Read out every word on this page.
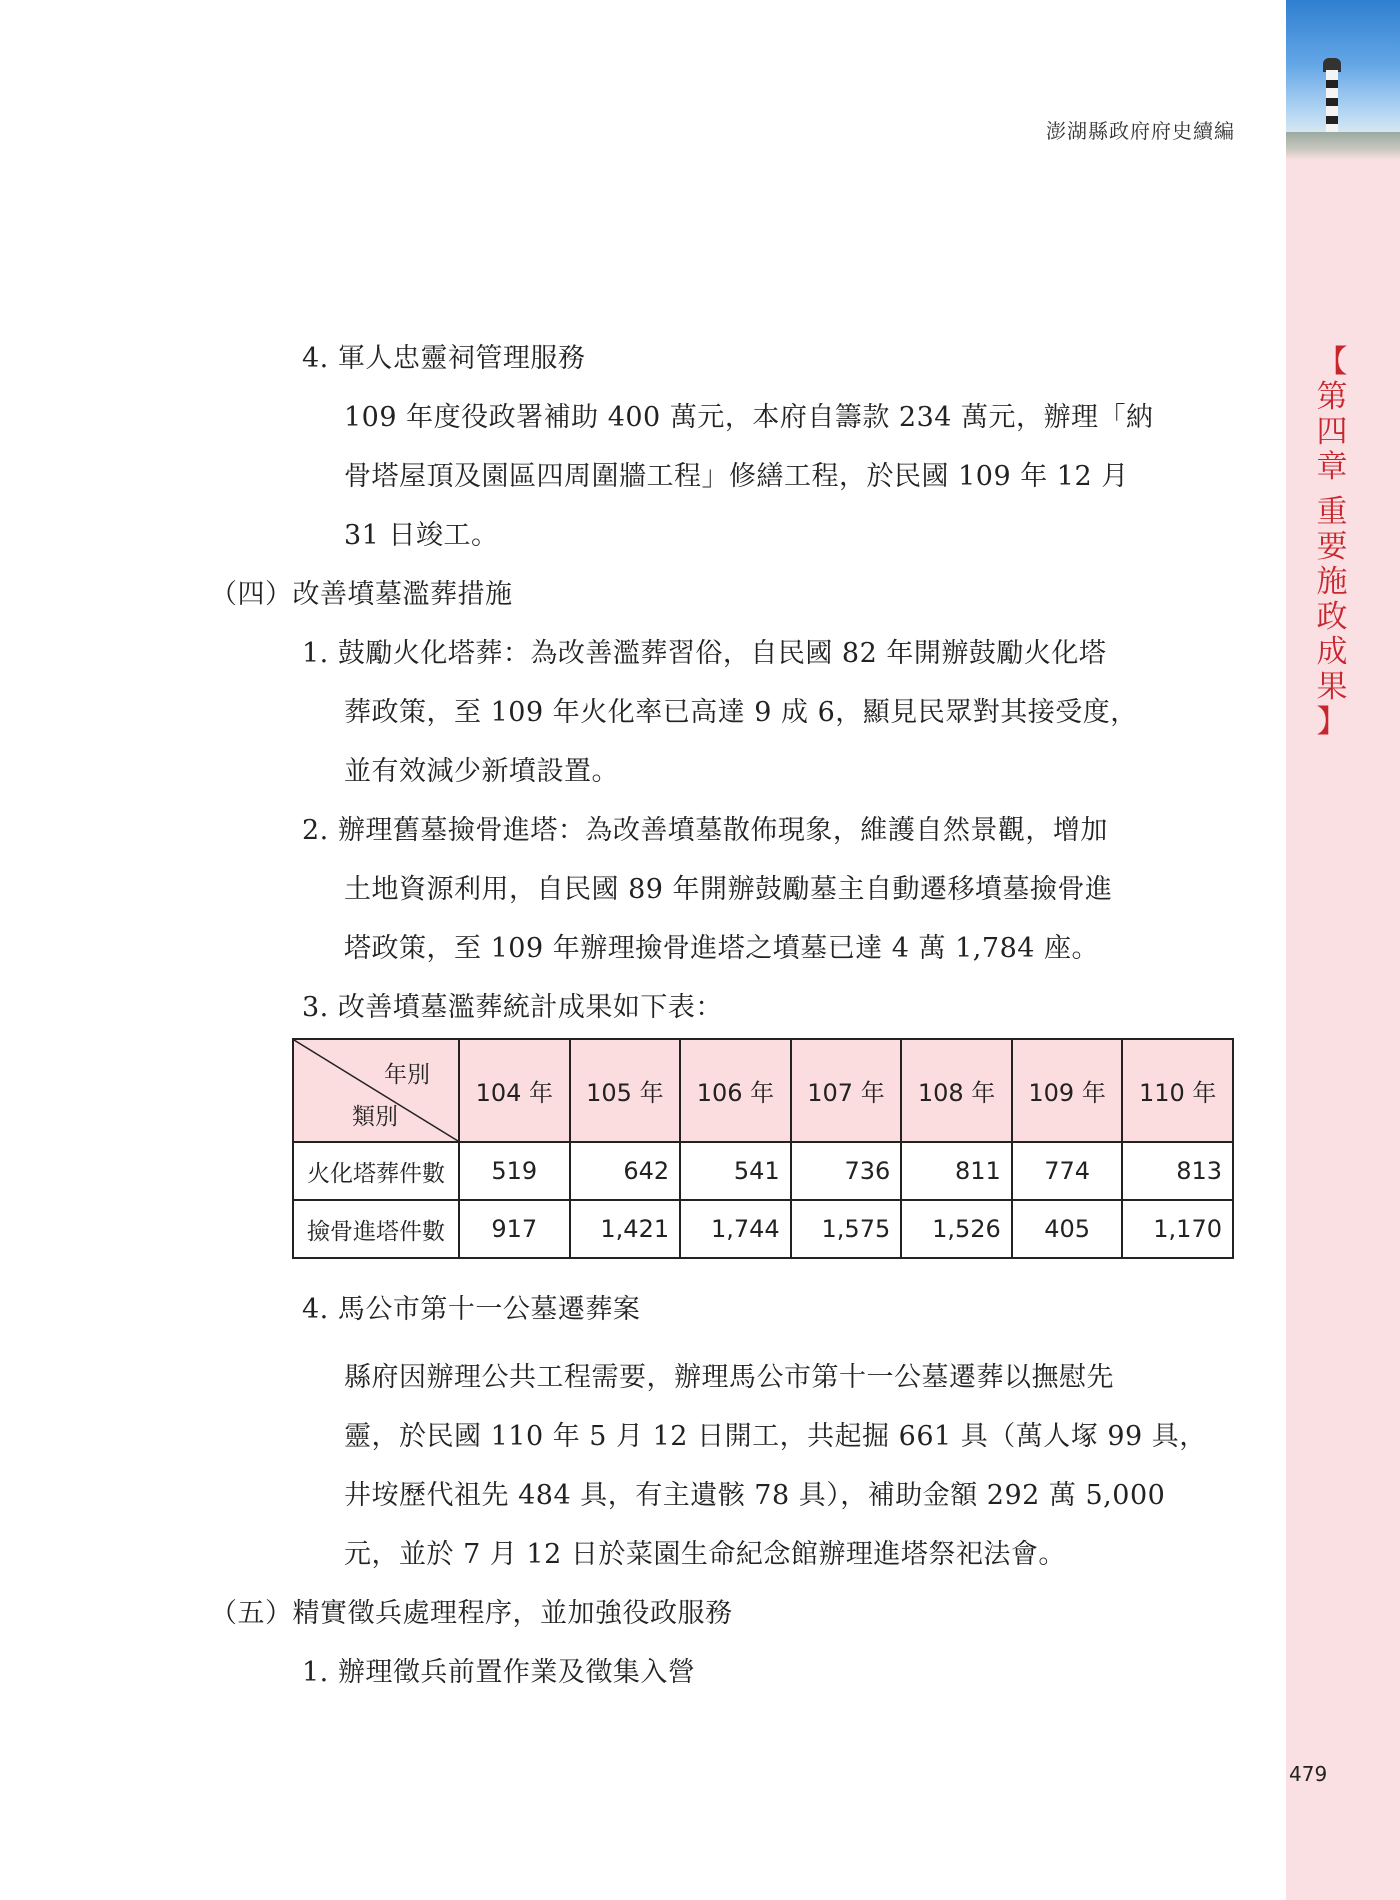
【
第
四
章
重
要
施
政
成
果
】
澎湖縣政府府史續編
4. 軍人忠靈祠管理服務
109 年度役政署補助 400 萬元，本府自籌款 234 萬元，辦理「納
骨塔屋頂及園區四周圍牆工程」修繕工程，於民國 109 年 12 月
31 日竣工。
（四）改善墳墓濫葬措施
1. 鼓勵火化塔葬：為改善濫葬習俗，自民國 82 年開辦鼓勵火化塔
葬政策，至 109 年火化率已高達 9 成 6，顯見民眾對其接受度，
並有效減少新墳設置。
2. 辦理舊墓撿骨進塔：為改善墳墓散佈現象，維護自然景觀，增加
土地資源利用，自民國 89 年開辦鼓勵墓主自動遷移墳墓撿骨進
塔政策，至 109 年辦理撿骨進塔之墳墓已達 4 萬 1,784 座。
3. 改善墳墓濫葬統計成果如下表：
年別
類別	104 年	105 年	106 年	107 年	108 年	109 年	110 年
火化塔葬件數	519	642	541	736	811	774	813
撿骨進塔件數	917	1,421	1,744	1,575	1,526	405	1,170
4. 馬公市第十一公墓遷葬案
縣府因辦理公共工程需要，辦理馬公市第十一公墓遷葬以撫慰先
靈，於民國 110 年 5 月 12 日開工，共起掘 661 具（萬人塚 99 具，
井垵歷代祖先 484 具，有主遺骸 78 具），補助金額 292 萬 5,000
元，並於 7 月 12 日於菜園生命紀念館辦理進塔祭祀法會。
（五）精實徵兵處理程序，並加強役政服務
1. 辦理徵兵前置作業及徵集入營
479
